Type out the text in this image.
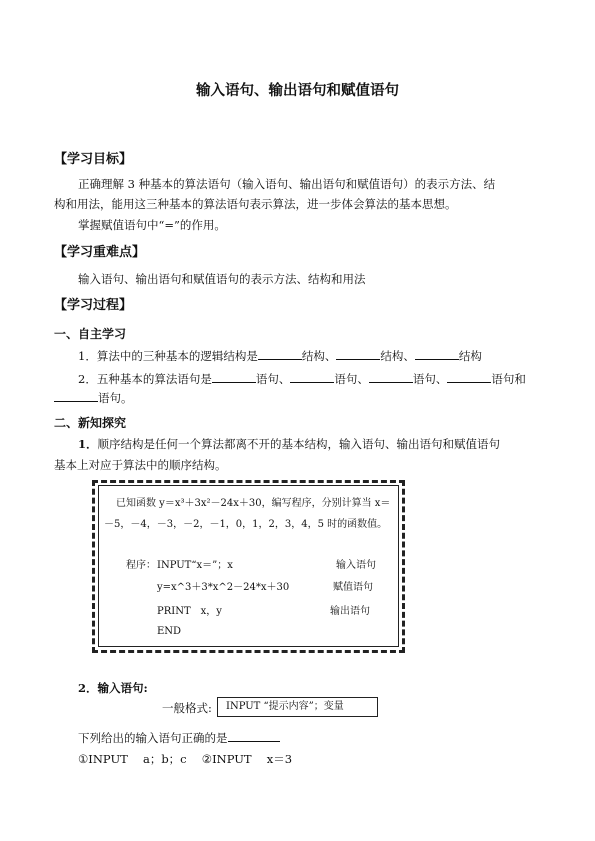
输入语句、输出语句和赋值语句
【学习目标】
正确理解 3 种基本的算法语句（输入语句、输出语句和赋值语句）的表示方法、结
构和用法，能用这三种基本的算法语句表示算法，进一步体会算法的基本思想。
掌握赋值语句中“=”的作用。
【学习重难点】
输入语句、输出语句和赋值语句的表示方法、结构和用法
【学习过程】
一、自主学习
1．算法中的三种基本的逻辑结构是	结构、	结构、	结构
2．五种基本的算法语句是	语句、	语句、	语句、	语句和
语句。
二、新知探究
1．顺序结构是任何一个算法都离不开的基本结构，输入语句、输出语句和赋值语句
基本上对应于算法中的顺序结构。
已知函数 y＝x³＋3x²－24x＋30，编写程序，分别计算当 x＝
－5，－4，－3，－2，－1，0，1，2，3，4，5 时的函数值。
程序： INPUT“x＝”；x	输入语句
y=x^3＋3*x^2－24*x＋30	赋值语句
PRINT　x，y	输出语句
END
2．输入语句:
一般格式:	INPUT “提示内容”；变量
下列给出的输入语句正确的是
①INPUT　 a；b；c　 ②INPUT　 x＝3
